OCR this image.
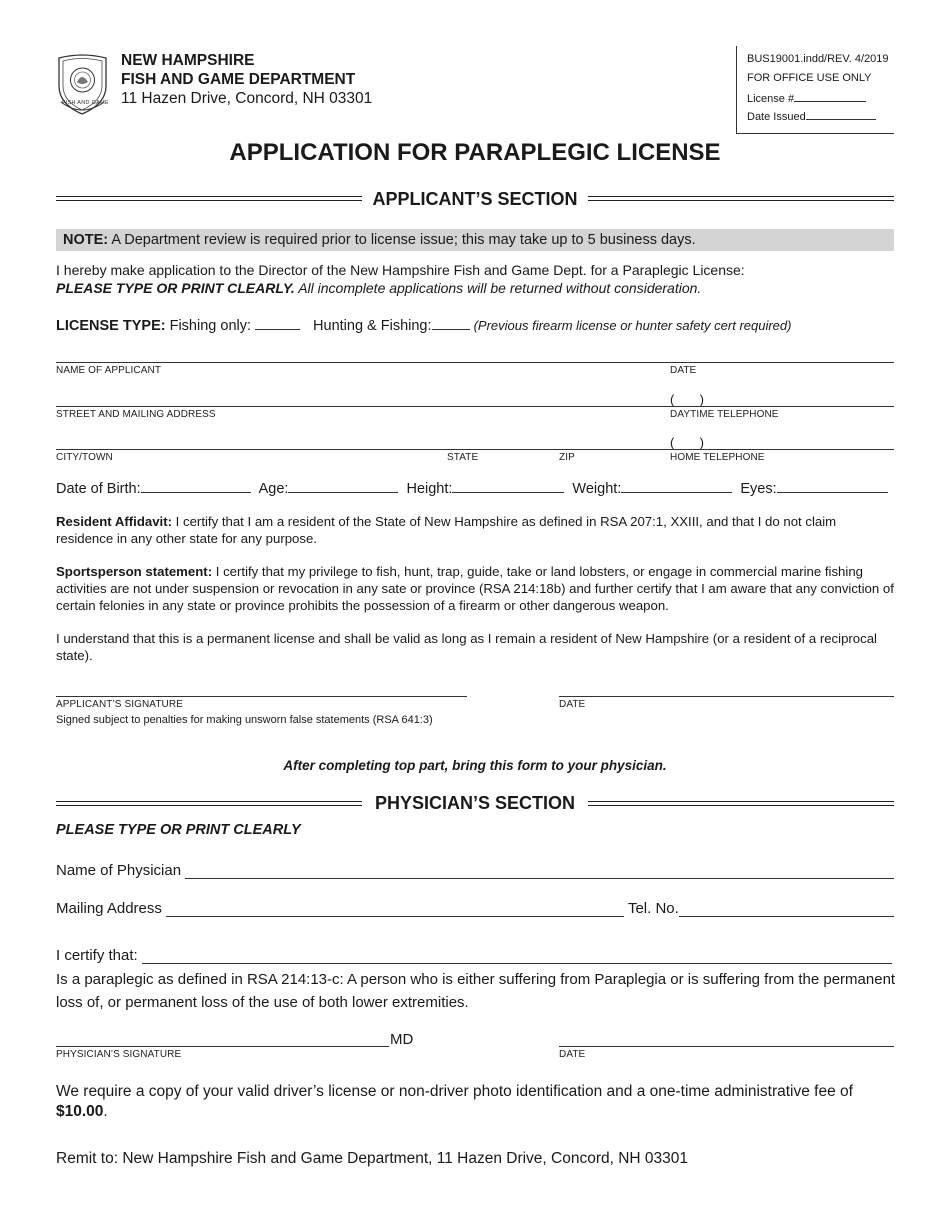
FISH AND GAME
NEW HAMPSHIRE
FISH AND GAME DEPARTMENT
11 Hazen Drive, Concord, NH 03301
BUS19001.indd/REV. 4/2019
FOR OFFICE USE ONLY
License #
Date Issued
APPLICATION FOR PARAPLEGIC LICENSE
APPLICANT’S SECTION
NOTE: A Department review is required prior to license issue; this may take up to 5 business days.
I hereby make application to the Director of the New Hampshire Fish and Game Dept. for a Paraplegic License:
PLEASE TYPE OR PRINT CLEARLY. All incomplete applications will be returned without consideration.
LICENSE TYPE: Fishing only:	Hunting & Fishing:	(Previous firearm license or hunter safety cert required)
NAME OF APPLICANT	DATE
(       )
STREET AND MAILING ADDRESS	DAYTIME TELEPHONE
(       )
CITY/TOWN	STATE	ZIP	HOME TELEPHONE
Date of Birth:	Age:	Height:	Weight:	Eyes:
Resident Affidavit: I certify that I am a resident of the State of New Hampshire as defined in RSA 207:1, XXIII, and that I do not claim residence in any other state for any purpose.
Sportsperson statement: I certify that my privilege to fish, hunt, trap, guide, take or land lobsters, or engage in commercial marine fishing activities are not under suspension or revocation in any sate or province (RSA 214:18b) and further certify that I am aware that any conviction of certain felonies in any state or province prohibits the possession of a firearm or other dangerous weapon.
I understand that this is a permanent license and shall be valid as long as I remain a resident of New Hampshire (or a resident of a reciprocal state).
APPLICANT’S SIGNATURE	DATE
Signed subject to penalties for making unsworn false statements (RSA 641:3)
After completing top part, bring this form to your physician.
PHYSICIAN’S SECTION
PLEASE TYPE OR PRINT CLEARLY
Name of Physician
Mailing Address	Tel. No.
I certify that:
Is a paraplegic as defined in RSA 214:13-c: A person who is either suffering from Paraplegia or is suffering from the permanent loss of, or permanent loss of the use of both lower extremities.
MD
PHYSICIAN’S SIGNATURE	DATE
We require a copy of your valid driver’s license or non-driver photo identification and a one-time administrative fee of $10.00.
Remit to: New Hampshire Fish and Game Department, 11 Hazen Drive, Concord, NH 03301
